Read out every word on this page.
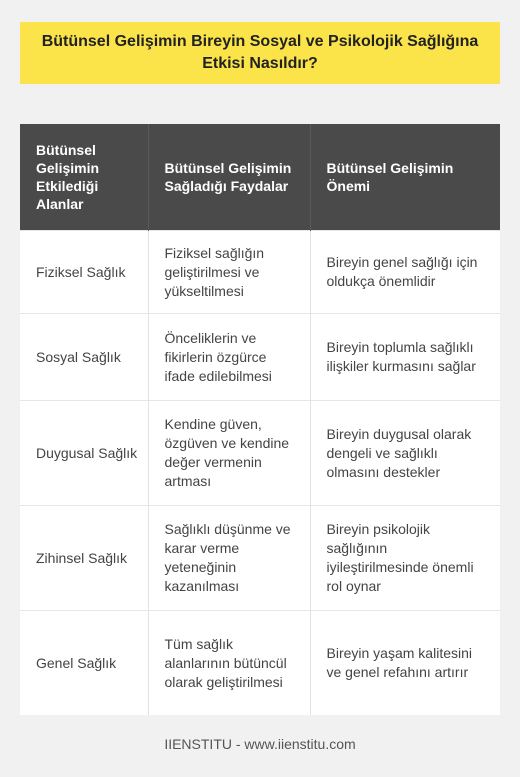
Bütünsel Gelişimin Bireyin Sosyal ve Psikolojik Sağlığına Etkisi Nasıldır?
Bütünsel Gelişimin Etkilediği Alanlar	Bütünsel Gelişimin Sağladığı Faydalar	Bütünsel Gelişimin Önemi
Fiziksel Sağlık	Fiziksel sağlığın geliştirilmesi ve yükseltilmesi	Bireyin genel sağlığı için oldukça önemlidir
Sosyal Sağlık	Önceliklerin ve fikirlerin özgürce ifade edilebilmesi	Bireyin toplumla sağlıklı ilişkiler kurmasını sağlar
Duygusal Sağlık	Kendine güven, özgüven ve kendine değer vermenin artması	Bireyin duygusal olarak dengeli ve sağlıklı olmasını destekler
Zihinsel Sağlık	Sağlıklı düşünme ve karar verme yeteneğinin kazanılması	Bireyin psikolojik sağlığının iyileştirilmesinde önemli rol oynar
Genel Sağlık	Tüm sağlık alanlarının bütüncül olarak geliştirilmesi	Bireyin yaşam kalitesini ve genel refahını artırır
IIENSTITU - www.iienstitu.com
